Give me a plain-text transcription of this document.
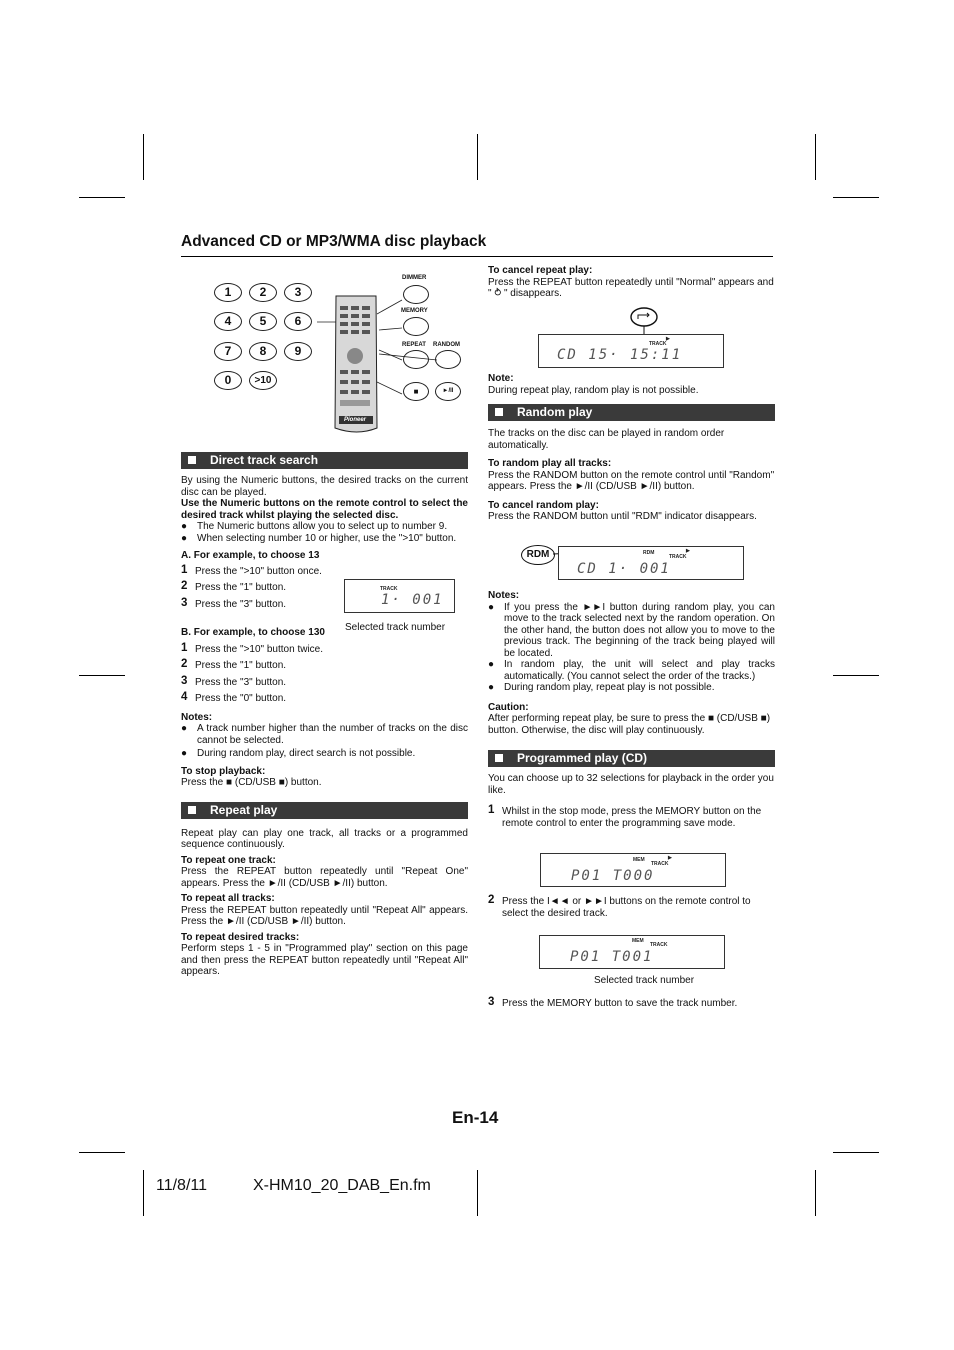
Advanced CD or MP3/WMA disc playback
1	2	3
4	5	6
7	8	9
0	>10
Pioneer
DIMMER
MEMORY
REPEAT RANDOM
■	►/II
Direct track search

By using the Numeric buttons, the desired tracks on the current disc can be played.

Use the Numeric buttons on the remote control to select the desired track whilst playing the selected disc.

● The Numeric buttons allow you to select up to number 9.
● When selecting number 10 or higher, use the ">10" button.

A. For example, to choose 13

1 Press the ">10" button once.
2 Press the "1" button.
3 Press the "3" button.

B. For example, to choose 130

1 Press the ">10" button twice.
2 Press the "1" button.
3 Press the "3" button.
4 Press the "0" button.

Notes:

● A track number higher than the number of tracks on the disc cannot be selected.
● During random play, direct search is not possible.

To stop playback:

Press the ■ (CD/USB ■) button.

Repeat play

Repeat play can play one track, all tracks or a programmed sequence continuously.

To repeat one track:

Press the REPEAT button repeatedly until "Repeat One" appears. Press the ►/II (CD/USB ►/II) button.

To repeat all tracks:

Press the REPEAT button repeatedly until "Repeat All" appears. Press the ►/II (CD/USB ►/II) button.

To repeat desired tracks:

Perform steps 1 - 5 in "Programmed play" section on this page and then press the REPEAT button repeatedly until "Repeat All" appears.

TRACK
1· 001
Selected track number

To cancel repeat play:

Press the REPEAT button repeatedly until "Normal" appears and " ⥁ " disappears.

TRACK
▶
CD 15· 15:11

Note:

During repeat play, random play is not possible.

Random play

The tracks on the disc can be played in random order automatically.

To random play all tracks:

Press the RANDOM button on the remote control until "Random" appears. Press the ►/II (CD/USB ►/II) button.

To cancel random play:

Press the RANDOM button until "RDM" indicator disappears.

RDM	RDM
TRACK
▶
CD 1· 001

Notes:

● If you press the ►►I button during random play, you can move to the track selected next by the random operation. On the other hand, the button does not allow you to move to the previous track. The beginning of the track being played will be located.
● In random play, the unit will select and play tracks automatically. (You cannot select the order of the tracks.)
● During random play, repeat play is not possible.

Caution:

After performing repeat play, be sure to press the ■ (CD/USB ■) button. Otherwise, the disc will play continuously.

Programmed play (CD)

You can choose up to 32 selections for playback in the order you like.

1 Whilst in the stop mode, press the MEMORY button on the remote control to enter the programming save mode.
MEM
TRACK
▶
P01 T000
2 Press the I◄◄ or ►►I buttons on the remote control to select the desired track.
MEM
TRACK
P01 T001
Selected track number
3 Press the MEMORY button to save the track number.
En-14
11/8/11	X-HM10_20_DAB_En.fm
